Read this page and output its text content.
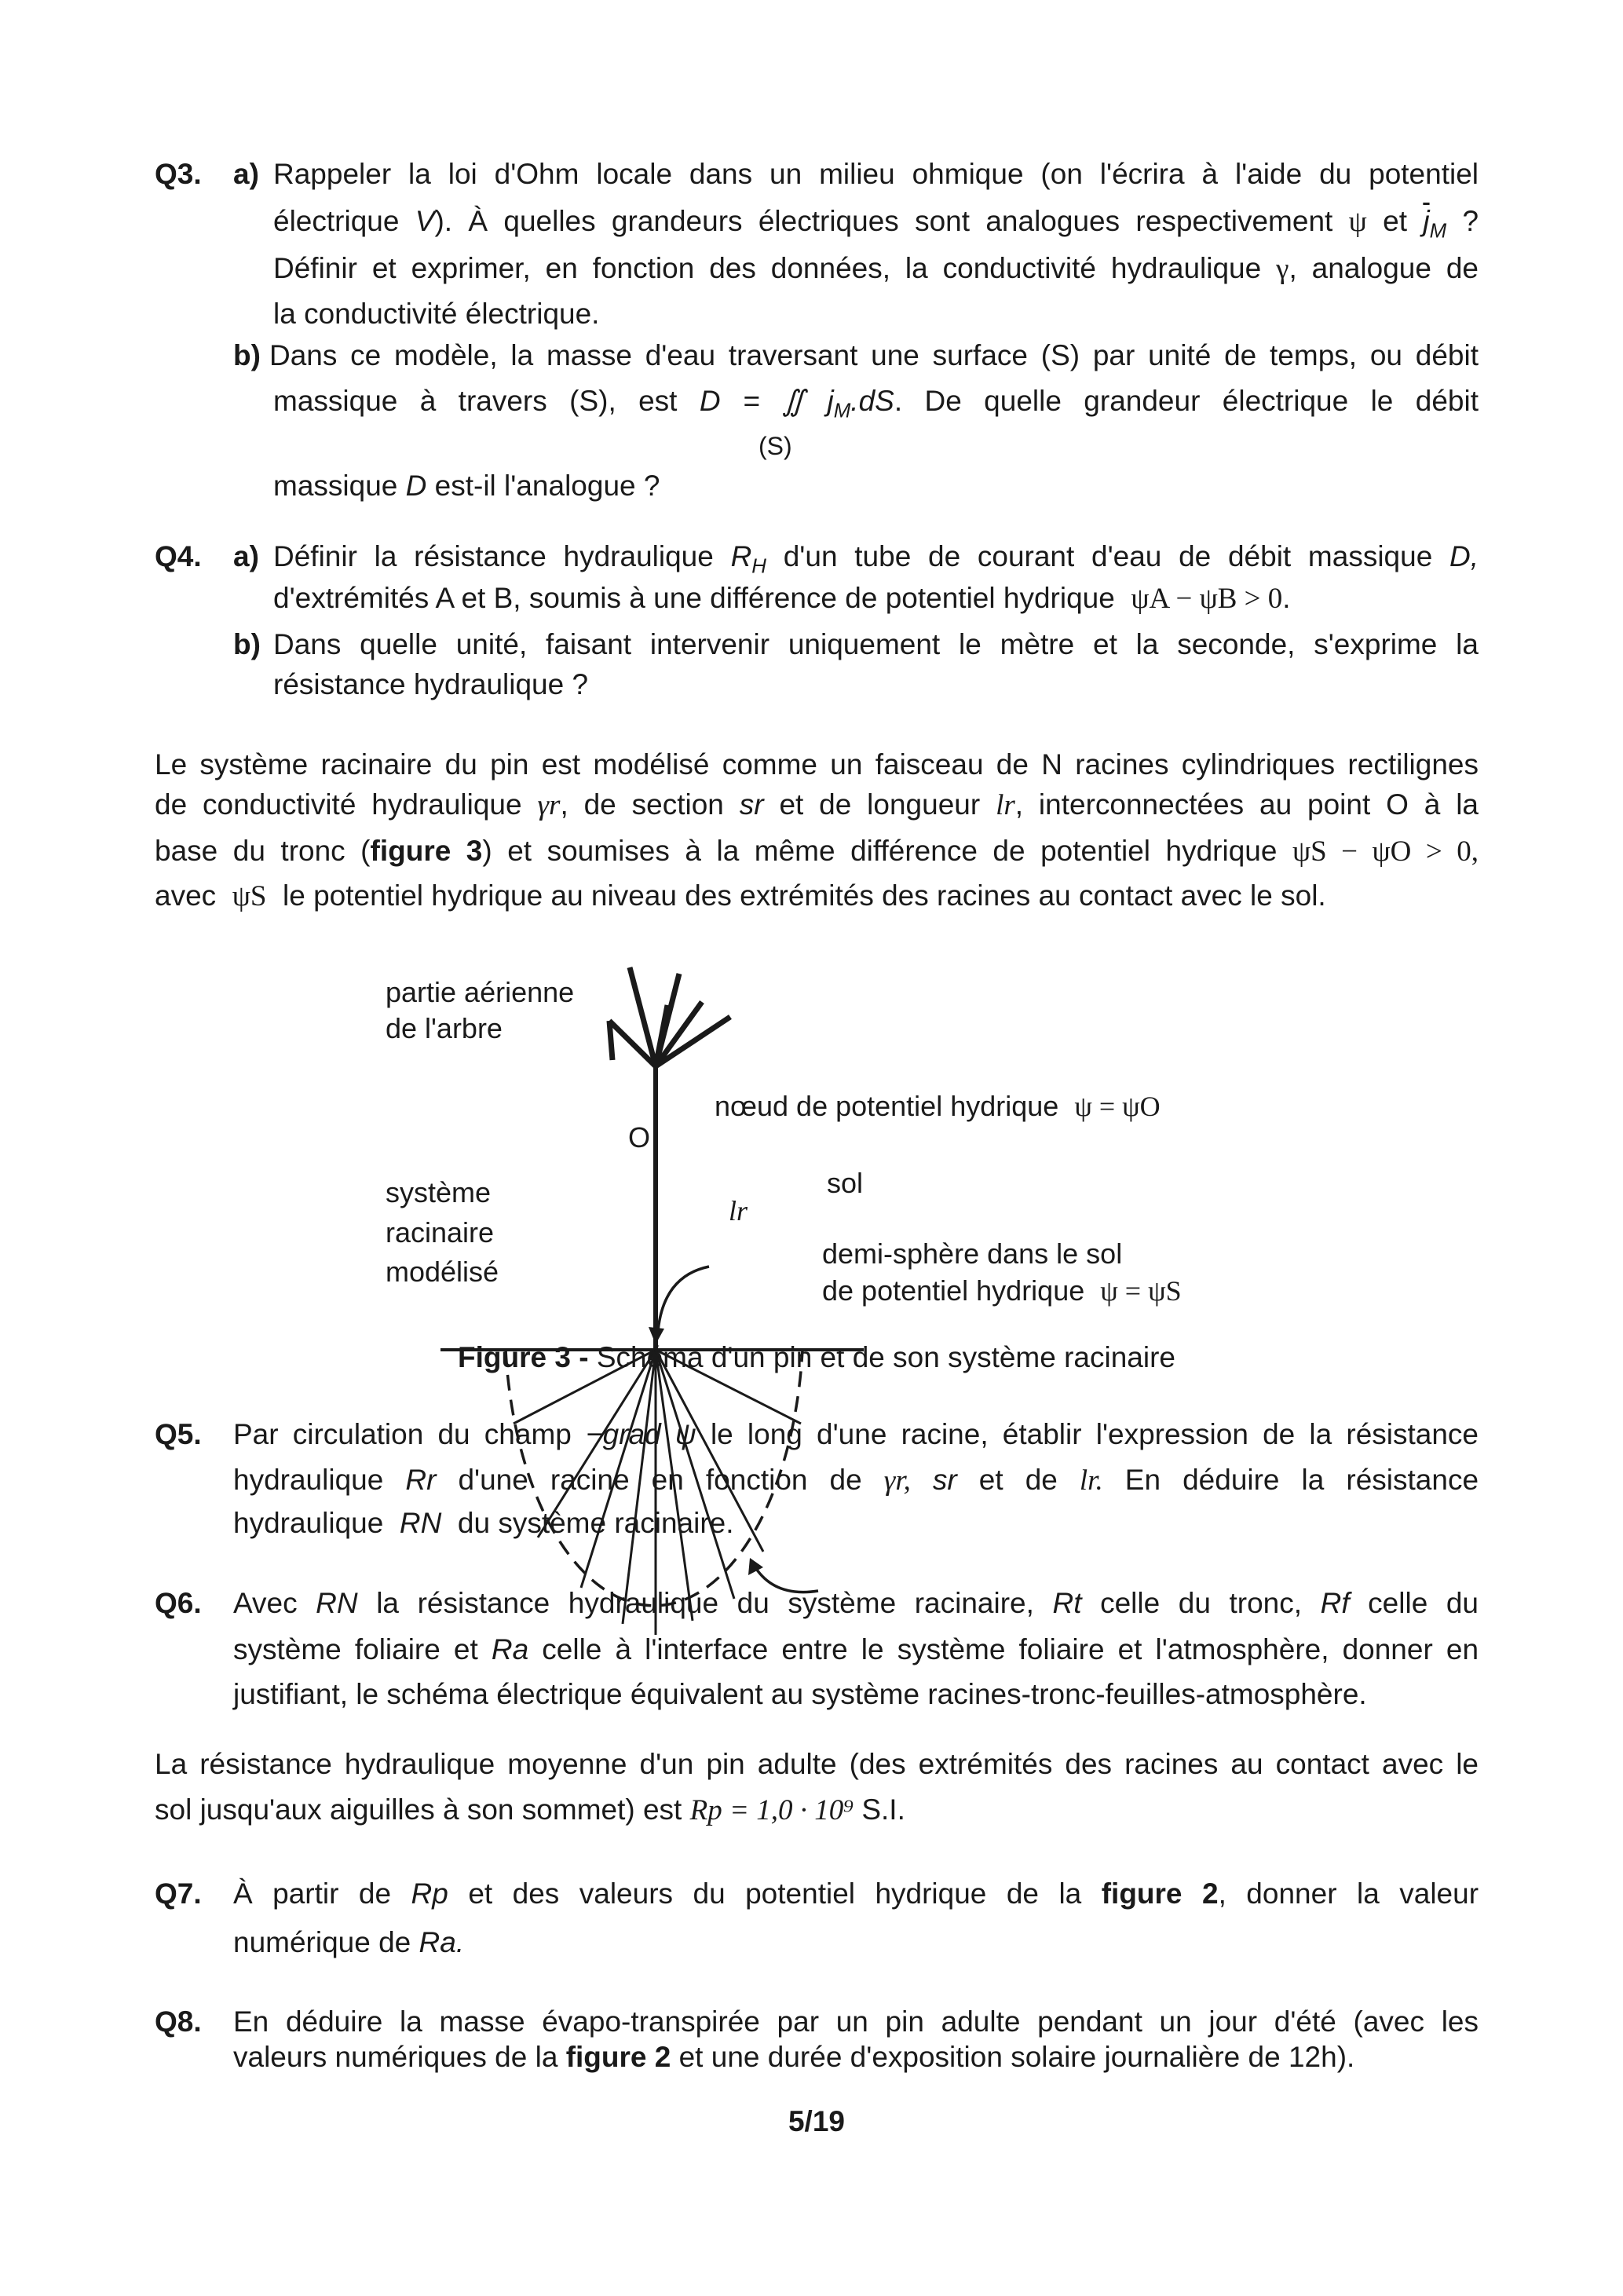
Q3. a) Rappeler la loi d'Ohm locale dans un milieu ohmique (on l'écrira à l'aide du potentiel
électrique V). À quelles grandeurs électriques sont analogues respectivement ψ et $\overline{j}_M$ ?
Définir et exprimer, en fonction des données, la conductivité hydraulique γ, analogue de
la conductivité électrique.
b) Dans ce modèle, la masse d'eau traversant une surface (S) par unité de temps, ou débit
massique à travers (S), est D = ∬ $j_M.dS$. De quelle grandeur électrique le débit
(S)
massique D est-il l'analogue ?
Q4. a) Définir la résistance hydraulique $R_H$ d'un tube de courant d'eau de débit massique D,
d'extrémités A et B, soumis à une différence de potentiel hydrique ψA − ψB > 0.
b) Dans quelle unité, faisant intervenir uniquement le mètre et la seconde, s'exprime la
résistance hydraulique ?
Le système racinaire du pin est modélisé comme un faisceau de N racines cylindriques rectilignes
de conductivité hydraulique γr, de section sr et de longueur lr, interconnectées au point O à la
base du tronc (figure 3) et soumises à la même différence de potentiel hydrique ψS − ψO > 0,
avec ψS le potentiel hydrique au niveau des extrémités des racines au contact avec le sol.
partie aérienne
de l'arbre
O
nœud de potentiel hydrique ψ = ψO
sol
système
racinaire
modélisé
lr
demi-sphère dans le sol
de potentiel hydrique ψ = ψS
Figure 3 - Schéma d'un pin et de son système racinaire
Q5. Par circulation du champ −grad ψ le long d'une racine, établir l'expression de la résistance
hydraulique Rr d'une racine en fonction de γr, sr et de lr. En déduire la résistance
hydraulique RN du système racinaire.
Q6. Avec RN la résistance hydraulique du système racinaire, Rt celle du tronc, Rf celle du
système foliaire et Ra celle à l'interface entre le système foliaire et l'atmosphère, donner en
justifiant, le schéma électrique équivalent au système racines-tronc-feuilles-atmosphère.
La résistance hydraulique moyenne d'un pin adulte (des extrémités des racines au contact avec le
sol jusqu'aux aiguilles à son sommet) est Rp = 1,0 · 10⁹ S.I.
Q7. À partir de Rp et des valeurs du potentiel hydrique de la figure 2, donner la valeur
numérique de Ra.
Q8. En déduire la masse évapo-transpirée par un pin adulte pendant un jour d'été (avec les
valeurs numériques de la figure 2 et une durée d'exposition solaire journalière de 12h).
5/19
